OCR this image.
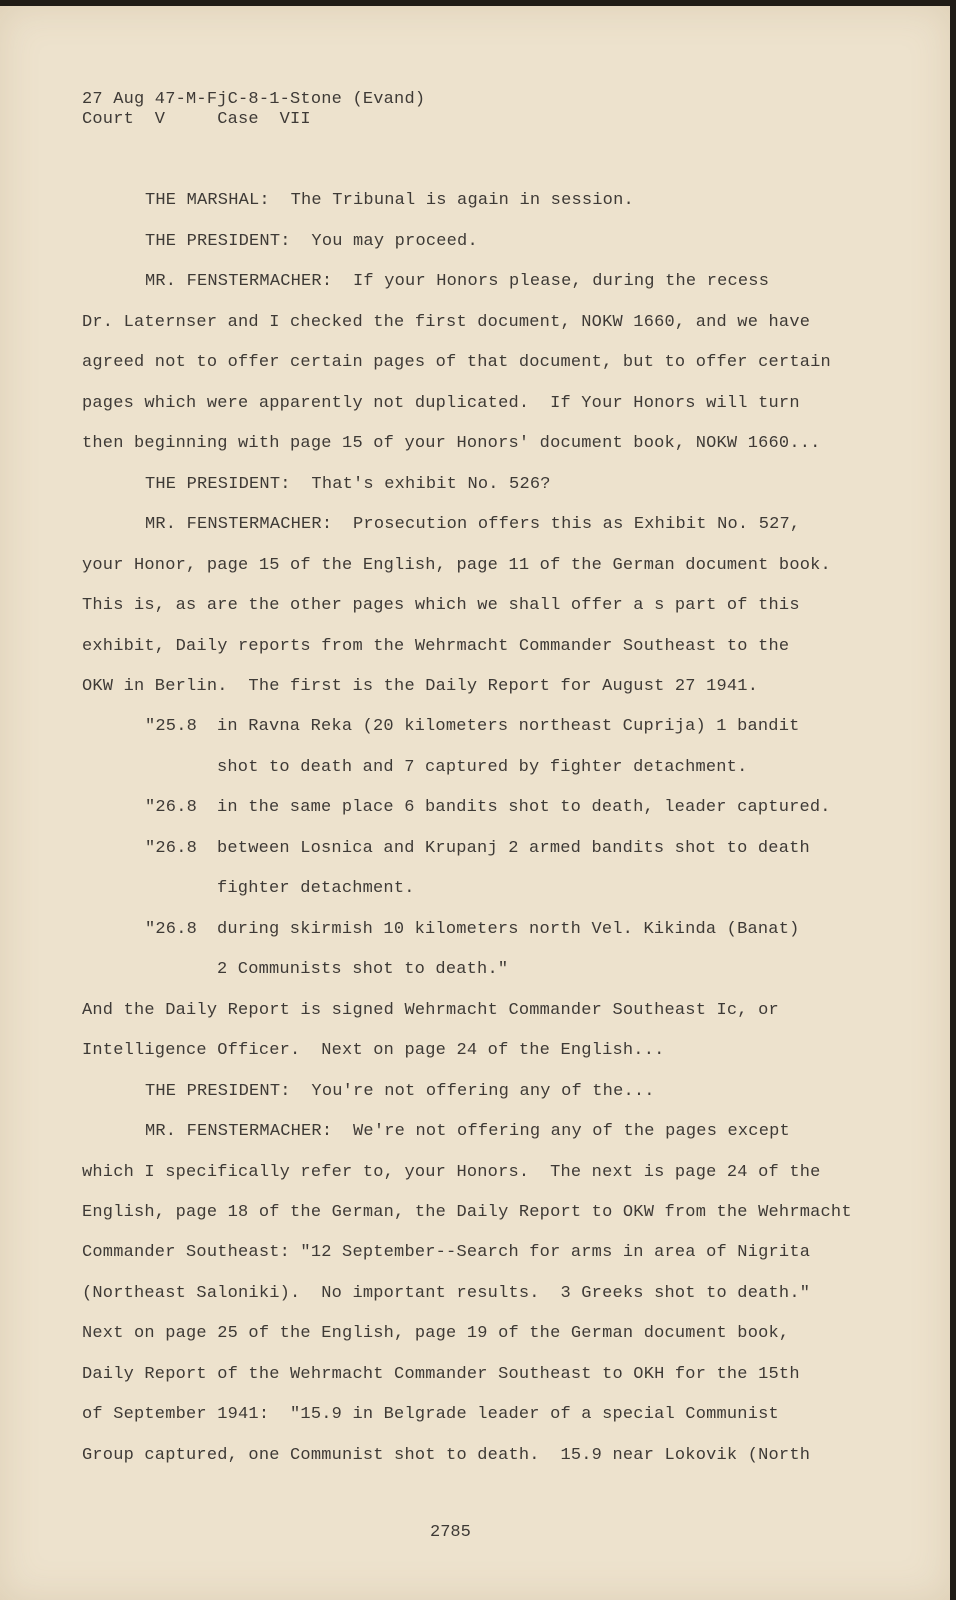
27 Aug 47-M-FjC-8-1-Stone (Evand)
Court  V     Case  VII
THE MARSHAL:  The Tribunal is again in session.
THE PRESIDENT:  You may proceed.
MR. FENSTERMACHER:  If your Honors please, during the recess
Dr. Laternser and I checked the first document, NOKW 1660, and we have
agreed not to offer certain pages of that document, but to offer certain
pages which were apparently not duplicated.  If Your Honors will turn
then beginning with page 15 of your Honors' document book, NOKW 1660...
THE PRESIDENT:  That's exhibit No. 526?
MR. FENSTERMACHER:  Prosecution offers this as Exhibit No. 527,
your Honor, page 15 of the English, page 11 of the German document book.
This is, as are the other pages which we shall offer a s part of this
exhibit, Daily reports from the Wehrmacht Commander Southeast to the
OKW in Berlin.  The first is the Daily Report for August 27 1941.
"25.8 in Ravna Reka (20 kilometers northeast Cuprija) 1 bandit
shot to death and 7 captured by fighter detachment.
"26.8 in the same place 6 bandits shot to death, leader captured.
"26.8 between Losnica and Krupanj 2 armed bandits shot to death
fighter detachment.
"26.8 during skirmish 10 kilometers north Vel. Kikinda (Banat)
2 Communists shot to death."
And the Daily Report is signed Wehrmacht Commander Southeast Ic, or
Intelligence Officer.  Next on page 24 of the English...
THE PRESIDENT:  You're not offering any of the...
MR. FENSTERMACHER:  We're not offering any of the pages except
which I specifically refer to, your Honors.  The next is page 24 of the
English, page 18 of the German, the Daily Report to OKW from the Wehrmacht
Commander Southeast: "12 September--Search for arms in area of Nigrita
(Northeast Saloniki).  No important results.  3 Greeks shot to death."
Next on page 25 of the English, page 19 of the German document book,
Daily Report of the Wehrmacht Commander Southeast to OKH for the 15th
of September 1941:  "15.9 in Belgrade leader of a special Communist
Group captured, one Communist shot to death.  15.9 near Lokovik (North
2785
